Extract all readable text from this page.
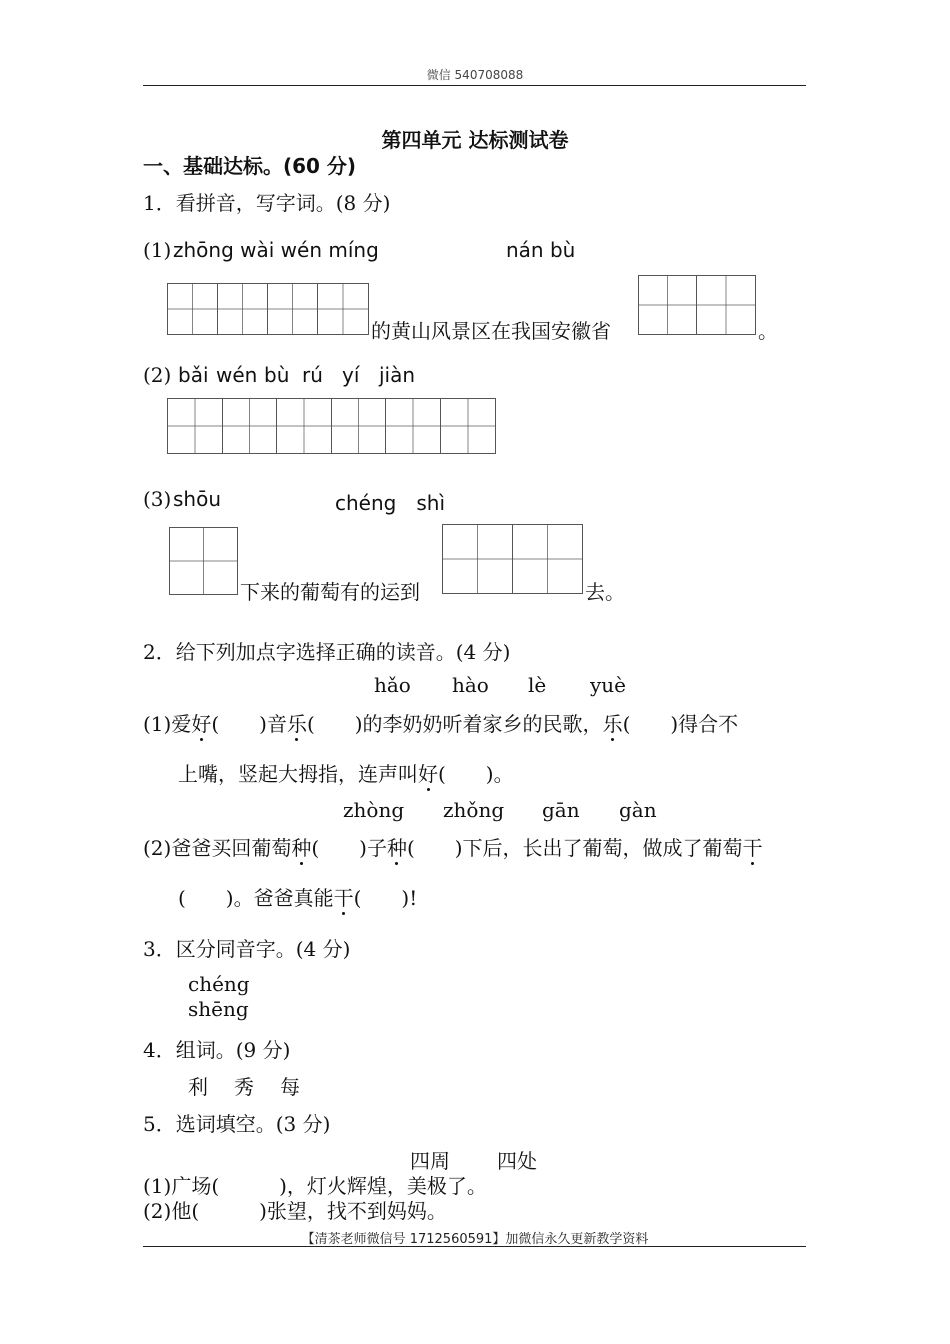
微信 540708088
第四单元 达标测试卷
一、基础达标。(60 分)
1．看拼音，写字词。(8 分)
(1) zhōng wài wén míng	nán bù
的黄山风景区在我国安徽省	。
(2) bǎi wén bù rú yí jiàn
(3) shōu	chéng　shì
下来的葡萄有的运到	去。
2．给下列加点字选择正确的读音。(4 分)
hǎo hào lè yuè
(1)爱好(　　)音乐(　　)的李奶奶听着家乡的民歌，乐(　　)得合不
上嘴，竖起大拇指，连声叫好(　　)。
zhòng zhǒng gān gàn
(2)爸爸买回葡萄种(　　)子种(　　)下后，长出了葡萄，做成了葡萄干
(　　)。爸爸真能干(　　)!
3．区分同音字。(4 分)
chéng
shēng
4．组词。(9 分)
利 秀 每
5．选词填空。(3 分)
四周 四处
(1)广场(　　　)，灯火辉煌，美极了。
(2)他(　　　)张望，找不到妈妈。
【清茶老师微信号 1712560591】加微信永久更新教学资料
